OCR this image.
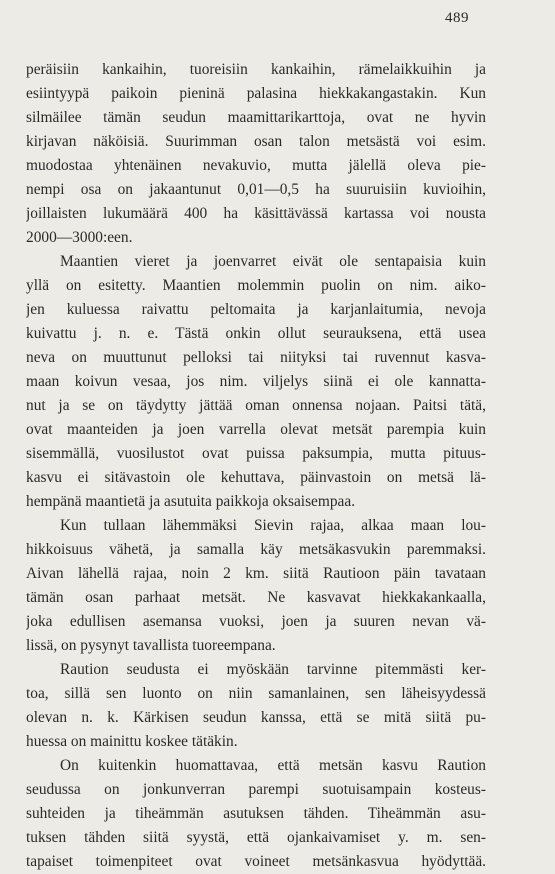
489
peräisiin kankaihin, tuoreisiin kankaihin, rämelaikkuihin ja
esiintyypä paikoin pieninä palasina hiekkakangastakin. Kun
silmäilee tämän seudun maamittarikarttoja, ovat ne hyvin
kirjavan näköisiä. Suurimman osan talon metsästä voi esim.
muodostaa yhtenäinen nevakuvio, mutta jälellä oleva pie-
nempi osa on jakaantunut 0,01—0,5 ha suuruisiin kuvioihin,
joillaisten lukumäärä 400 ha käsittävässä kartassa voi nousta
2000—3000:een.
Maantien vieret ja joenvarret eivät ole sentapaisia kuin
yllä on esitetty. Maantien molemmin puolin on nim. aiko-
jen kuluessa raivattu peltomaita ja karjanlaitumia, nevoja
kuivattu j. n. e. Tästä onkin ollut seurauksena, että usea
neva on muuttunut pelloksi tai niityksi tai ruvennut kasva-
maan koivun vesaa, jos nim. viljelys siinä ei ole kannatta-
nut ja se on täydytty jättää oman onnensa nojaan. Paitsi tätä,
ovat maanteiden ja joen varrella olevat metsät parempia kuin
sisemmällä, vuosilustot ovat puissa paksumpia, mutta pituus-
kasvu ei sitävastoin ole kehuttava, päinvastoin on metsä lä-
hempänä maantietä ja asutuita paikkoja oksaisempaa.
Kun tullaan lähemmäksi Sievin rajaa, alkaa maan lou-
hikkoisuus vähetä, ja samalla käy metsäkasvukin paremmaksi.
Aivan lähellä rajaa, noin 2 km. siitä Rautioon päin tavataan
tämän osan parhaat metsät. Ne kasvavat hiekkakankaalla,
joka edullisen asemansa vuoksi, joen ja suuren nevan vä-
lissä, on pysynyt tavallista tuoreempana.
Raution seudusta ei myöskään tarvinne pitemmästi ker-
toa, sillä sen luonto on niin samanlainen, sen läheisyydessä
olevan n. k. Kärkisen seudun kanssa, että se mitä siitä pu-
huessa on mainittu koskee tätäkin.
On kuitenkin huomattavaa, että metsän kasvu Raution
seudussa on jonkunverran parempi suotuisampain kosteus-
suhteiden ja tiheämmän asutuksen tähden. Tiheämmän asu-
tuksen tähden siitä syystä, että ojankaivamiset y. m. sen-
tapaiset toimenpiteet ovat voineet metsänkasvua hyödyttää.
